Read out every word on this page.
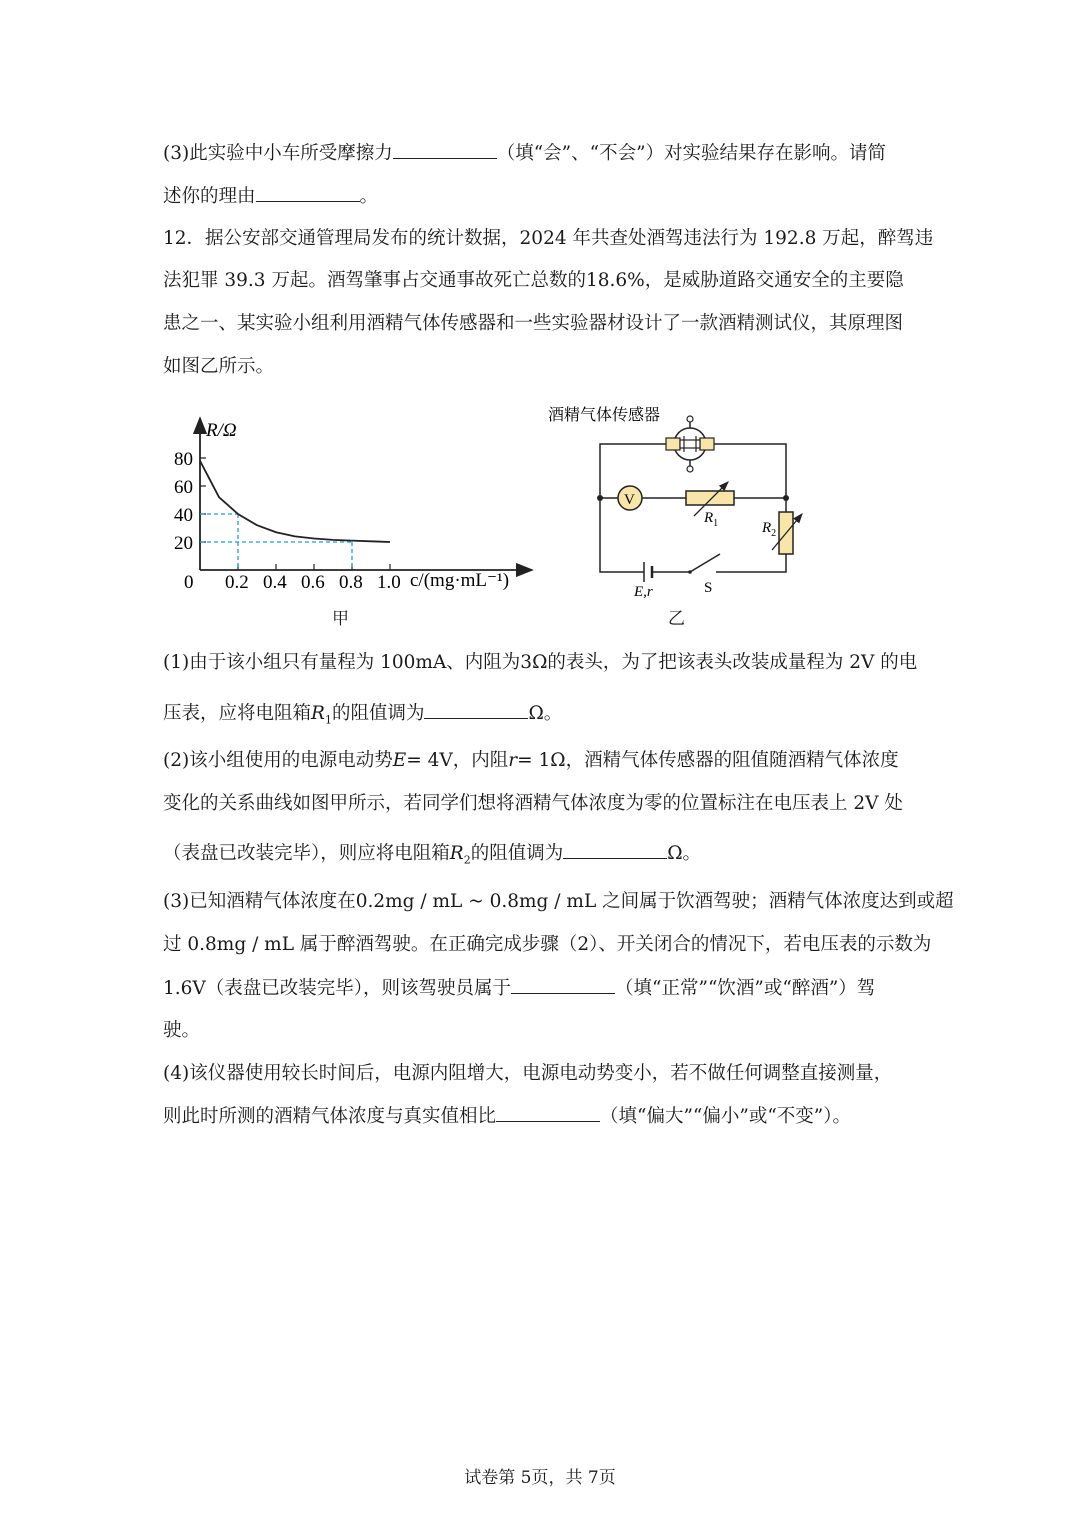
(3)此实验中小车所受摩擦力	（填“会”、“不会”）对实验结果存在影响。请简
述你的理由	。
12．据公安部交通管理局发布的统计数据，2024 年共查处酒驾违法行为 192.8 万起，醉驾违
法犯罪 39.3 万起。酒驾肇事占交通事故死亡总数的18.6%，是威胁道路交通安全的主要隐
患之一、某实验小组利用酒精气体传感器和一些实验器材设计了一款酒精测试仪，其原理图
如图乙所示。
80
60
40
20
0 0.2 0.4 0.6 0.8 1.0
R/Ω
c/(mg·mL⁻¹)
甲
酒精气体传感器
V
$R_1$	$R_2$
E,r	S
乙
(1)由于该小组只有量程为 100mA、内阻为3Ω的表头，为了把该表头改装成量程为 2V 的电
压表，应将电阻箱$R_1$的阻值调为	Ω。
(2)该小组使用的电源电动势E= 4V，内阻r= 1Ω，酒精气体传感器的阻值随酒精气体浓度
变化的关系曲线如图甲所示，若同学们想将酒精气体浓度为零的位置标注在电压表上 2V 处
（表盘已改装完毕），则应将电阻箱$R_2$的阻值调为	Ω。
(3)已知酒精气体浓度在0.2mg / mL ~ 0.8mg / mL 之间属于饮酒驾驶；酒精气体浓度达到或超
过 0.8mg / mL 属于醉酒驾驶。在正确完成步骤（2）、开关闭合的情况下，若电压表的示数为
1.6V（表盘已改装完毕），则该驾驶员属于	（填“正常”“饮酒”或“醉酒”）驾
驶。
(4)该仪器使用较长时间后，电源内阻增大，电源电动势变小，若不做任何调整直接测量，
则此时所测的酒精气体浓度与真实值相比	（填“偏大”“偏小”或“不变”）。
试卷第 5页，共 7页
